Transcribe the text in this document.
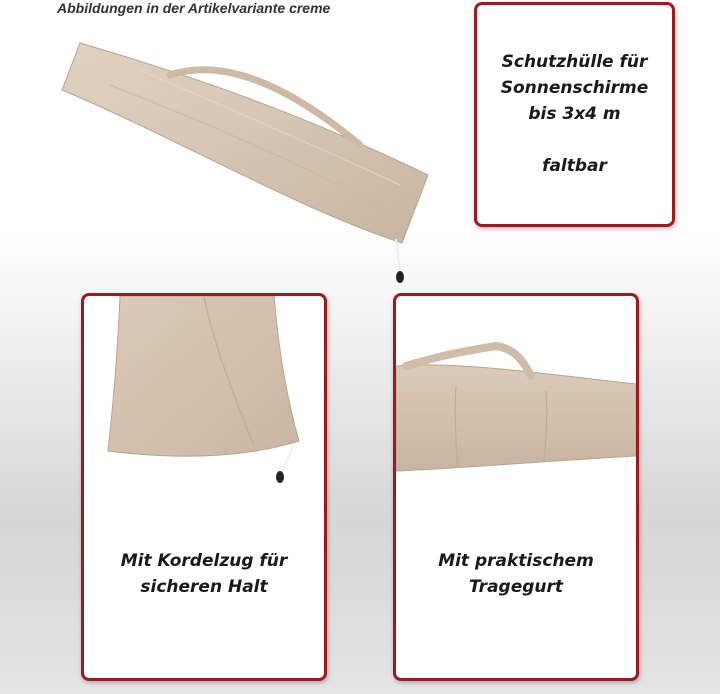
Abbildungen in der Artikelvariante creme
Schutzhülle für
Sonnenschirme
bis 3x4 m
faltbar
Mit Kordelzug für
sicheren Halt
Mit praktischem
Tragegurt
